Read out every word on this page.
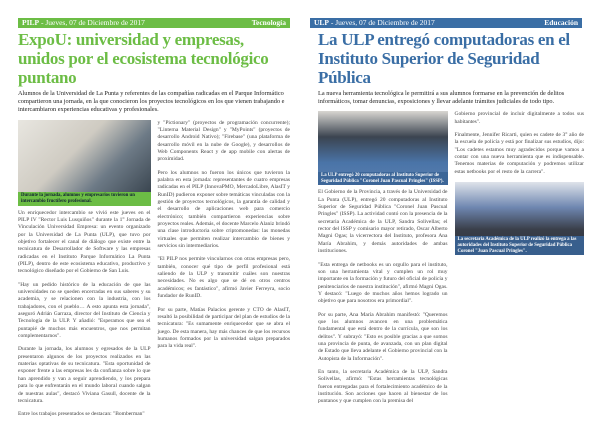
PILP - Jueves, 07 de Diciembre de 2017	Tecnología
ExpoU: universidad y empresas, unidos por el ecosistema tecnológico puntano

Alumnos de la Universidad de La Punta y referentes de las compañías radicadas en el Parque Informático compartieron una jornada, en la que conocieron los proyectos tecnológicos en los que vienen trabajando e intercambiaron experiencias educativas y profesionales.

Durante la jornada, alumnos y empresarios tuvieron un intercambio fructífero profesional.

Un enriquecedor intercambio se vivió este jueves en el PILP IV "Rector Luis Lusquiños" durante la 1° Jornada de Vinculación Universidad Empresa: un evento organizado por la Universidad de La Punta (ULP), que tuvo por objetivo fortalecer el canal de diálogo que existe entre la tecnicatura de Desarrollador de Software y las empresas radicadas en el Instituto Parque Informático La Punta (PILP), dentro de este ecosistema educativo, productivo y tecnológico diseñado por el Gobierno de San Luis.

"Hay un pedido histórico de la educación de que las universidades no se queden encerradas en sus saberes y su academia, y se relacionen con la industria, con los trabajadores, con el pueblo… A esto apunta esta jornada", aseguró Adrián Garraza, director del Instituto de Ciencia y Tecnología de la ULP. Y añadió: "Esperamos que sea el puntapié de muchos más encuentros, que nos permitan complementarnos".

Durante la jornada, los alumnos y egresados de la ULP presentaron algunos de los proyectos realizados en las materias optativas de su tecnicatura. "Esta oportunidad de exponer frente a las empresas les da confianza sobre lo que han aprendido y van a seguir aprendiendo, y los prepara para lo que enfrentarán en el mundo laboral cuando salgan de nuestras aulas", destacó Viviana Gasull, docente de la tecnicatura.

Entre los trabajos presentados se destacan: "Bomberman"

y "Pictionary" (proyectos de programación concurrente); "Linterna Material Design" y "MyPoints" (proyectos de desarrollo Android Nativo); "Firebase" (una plataforma de desarrollo móvil en la nube de Google), y desarrollos de Web Components React y de app mobile con alertas de proximidad.

Pero los alumnos no fueron los únicos que tuvieron la palabra en esta jornada: representantes de cuatro empresas radicadas en el PILP (InnovaPMO, MercadoLibre, AlasIT y RunID) pudieron exponer sobre temáticas vinculadas con la gestión de proyectos tecnológicos, la garantía de calidad y el desarrollo de aplicaciones web para comercio electrónico; también compartieron experiencias sobre proyectos reales. Además, el docente Marcelo Alaniz brindó una clase introductoria sobre criptomonedas: las monedas virtuales que permiten realizar intercambio de bienes y servicios sin intermediarios.

"El PILP nos permite vincularnos con otras empresas pero, también, conocer qué tipo de perfil profesional está saliendo de la ULP y transmitir cuáles son nuestras necesidades. No es algo que se dé en otros centros académicos; es fantástico", afirmó Javier Ferreyra, socio fundador de RunID.

Por su parte, Matías Palacios gerente y CTO de AlasIT, resaltó la posibilidad de participar del plan de estudios de la tecnicatura: "Es sumamente enriquecedor que se abra el juego. De esta manera, hay más chances de que los recursos humanos formados por la universidad salgan preparados para la vida real".

ULP - Jueves, 07 de Diciembre de 2017	Educación
La ULP entregó computadoras en el Instituto Superior de Seguridad Pública

La nueva herramienta tecnológica le permitirá a sus alumnos formarse en la prevención de delitos informáticos, tomar denuncias, exposiciones y llevar adelante trámites judiciales de todo tipo.

La ULP entregó 20 computadoras al Instituto Superior de Seguridad Pública "Coronel Juan Pascual Pringles" (ISSP).

El Gobierno de la Provincia, a través de la Universidad de La Punta (ULP), entregó 20 computadoras al Instituto Superior de Seguridad Pública "Coronel Juan Pascual Pringles" (ISSP). La actividad contó con la presencia de la secretaria Académica de la ULP, Sandra Solivellas; el rector del ISSP y comisario mayor retirado, Oscar Alberto Magni Ogas; la vicerrectora del Instituto, profesora Ana María Abrahim, y demás autoridades de ambas instituciones.

"Esta entrega de netbooks es un orgullo para el instituto, son una herramienta vital y cumplen un rol muy importante en la formación y futuro del oficial de policía y penitenciarios de nuestra institución", afirmó Magni Ogas. Y destacó: "Luego de muchos años hemos logrado un objetivo que para nosotros era primordial".

Por su parte, Ana María Abrahim manifestó: "Queremos que los alumnos avancen en una problemática fundamental que está dentro de la currícula, que son los delitos". Y subrayó: "Esto es posible gracias a que somos una provincia de punta, de avanzada, con un plan digital de Estado que lleva adelante el Gobierno provincial con la Autopista de la Información".

En tanto, la secretaria Académica de la ULP, Sandra Solivellas, afirmó: "Estas herramientas tecnológicas fueron entregadas para el fortalecimiento académico de la institución. Son acciones que hacen al bienestar de los puntanos y que cumplen con la premisa del

Gobierno provincial de incluir digitalmente a todos sus habitantes".

Finalmente, Jennifer Ricarti, quien es cadete de 3° año de la escuela de policía y está por finalizar sus estudios, dijo: "Los cadetes estamos muy agradecidos porque vamos a contar con una nueva herramienta que es indispensable. Tenemos materias de computación y podremos utilizar estas netbooks por el resto de la carrera".

La secretaria Académica de la ULP realizó la entrega a las autoridades del Instituto Superior de Seguridad Pública Coronel "Juan Pascual Pringles".
